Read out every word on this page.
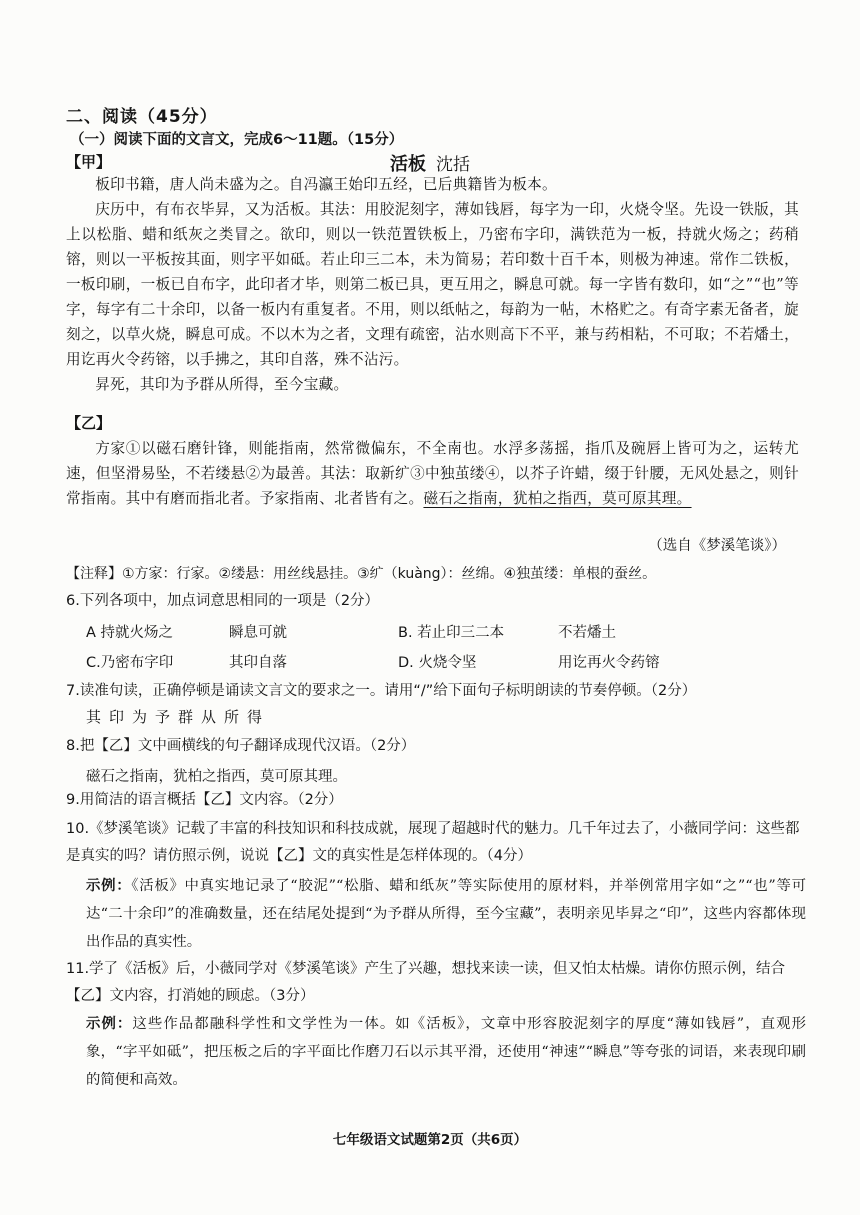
二、阅读（45分）
（一）阅读下面的文言文，完成6～11题。（15分）
【甲】	活板 沈括

板印书籍，唐人尚未盛为之。自冯瀛王始印五经，已后典籍皆为板本。

庆历中，有布衣毕昇，又为活板。其法：用胶泥刻字，薄如钱唇，每字为一印，火烧令坚。先设一铁版，其上以松脂、蜡和纸灰之类冒之。欲印，则以一铁范置铁板上，乃密布字印，满铁范为一板，持就火炀之；药稍镕，则以一平板按其面，则字平如砥。若止印三二本，未为简易；若印数十百千本，则极为神速。常作二铁板，一板印刷，一板已自布字，此印者才毕，则第二板已具，更互用之，瞬息可就。每一字皆有数印，如“之”“也”等字，每字有二十余印，以备一板内有重复者。不用，则以纸帖之，每韵为一帖，木格贮之。有奇字素无备者，旋刻之，以草火烧，瞬息可成。不以木为之者，文理有疏密，沾水则高下不平，兼与药相粘，不可取；不若燔土，用讫再火令药镕，以手拂之，其印自落，殊不沾污。

昇死，其印为予群从所得，至今宝藏。

【乙】

方家①以磁石磨针锋，则能指南，然常微偏东，不全南也。水浮多荡摇，指爪及碗唇上皆可为之，运转尤速，但坚滑易坠，不若缕悬②为最善。其法：取新纩③中独茧缕④，以芥子许蜡，缀于针腰，无风处悬之，则针常指南。其中有磨而指北者。予家指南、北者皆有之。磁石之指南，犹柏之指西，莫可原其理。

（选自《梦溪笔谈》）
【注释】①方家：行家。②缕悬：用丝线悬挂。③纩（kuàng）：丝绵。④独茧缕：单根的蚕丝。
6.下列各项中，加点词意思相同的一项是（2分）
A 持就火炀之	瞬息可就	B. 若止印三二本	不若燔土
C.乃密布字印	其印自落	D. 火烧令坚	用讫再火令药镕
7.读准句读，正确停顿是诵读文言文的要求之一。请用“/”给下面句子标明朗读的节奏停顿。（2分）
其印为予群从所得
8.把【乙】文中画横线的句子翻译成现代汉语。（2分）
磁石之指南，犹柏之指西，莫可原其理。
9.用简洁的语言概括【乙】文内容。（2分）
10.《梦溪笔谈》记载了丰富的科技知识和科技成就，展现了超越时代的魅力。几千年过去了，小薇同学问：这些都是真实的吗？请仿照示例，说说【乙】文的真实性是怎样体现的。（4分）
示例：《活板》中真实地记录了“胶泥”“松脂、蜡和纸灰”等实际使用的原材料，并举例常用字如“之”“也”等可达“二十余印”的准确数量，还在结尾处提到“为予群从所得，至今宝藏”，表明亲见毕昇之“印”，这些内容都体现出作品的真实性。
11.学了《活板》后，小薇同学对《梦溪笔谈》产生了兴趣，想找来读一读，但又怕太枯燥。请你仿照示例，结合【乙】文内容，打消她的顾虑。（3分）
示例：这些作品都融科学性和文学性为一体。如《活板》，文章中形容胶泥刻字的厚度“薄如钱唇”，直观形象，“字平如砥”，把压板之后的字平面比作磨刀石以示其平滑，还使用“神速”“瞬息”等夸张的词语，来表现印刷的简便和高效。
七年级语文试题第2页（共6页）
